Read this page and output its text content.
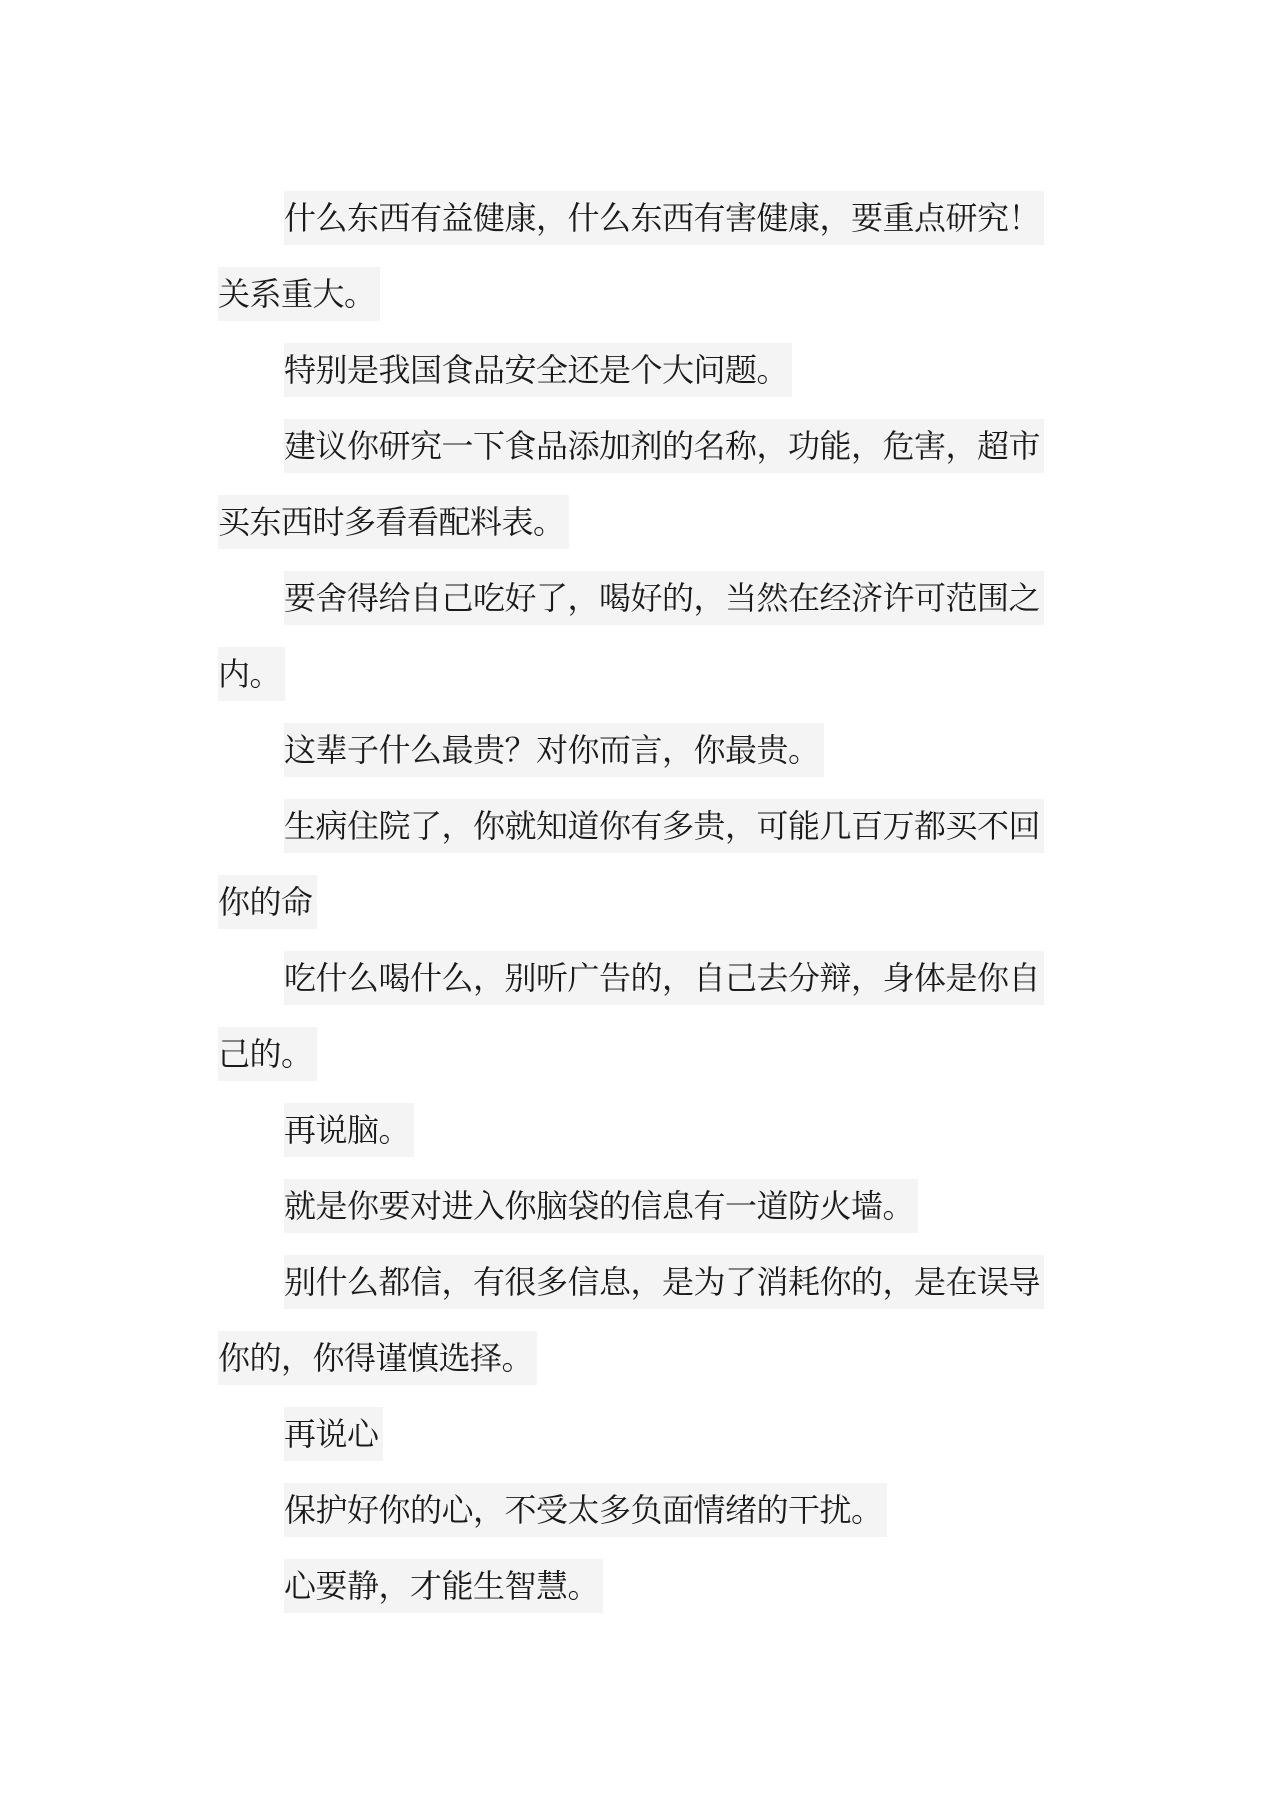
什么东西有益健康，什么东西有害健康，要重点研究！关系重大。

特别是我国食品安全还是个大问题。

建议你研究一下食品添加剂的名称，功能，危害，超市买东西时多看看配料表。

要舍得给自己吃好了，喝好的，当然在经济许可范围之内。

这辈子什么最贵？对你而言，你最贵。

生病住院了，你就知道你有多贵，可能几百万都买不回你的命

吃什么喝什么，别听广告的，自己去分辩，身体是你自己的。

再说脑。

就是你要对进入你脑袋的信息有一道防火墙。

别什么都信，有很多信息，是为了消耗你的，是在误导你的，你得谨慎选择。

再说心

保护好你的心，不受太多负面情绪的干扰。

心要静，才能生智慧。
